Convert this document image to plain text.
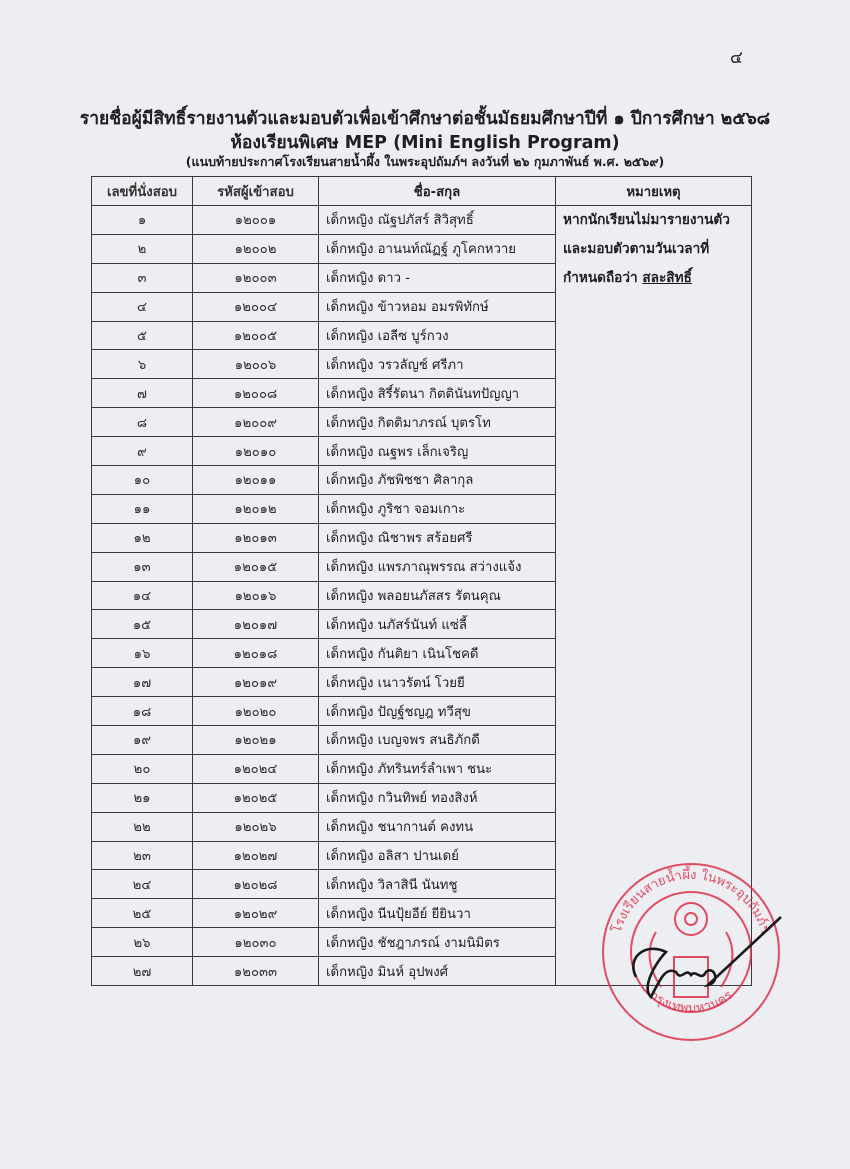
๔
รายชื่อผู้มีสิทธิ์รายงานตัวและมอบตัวเพื่อเข้าศึกษาต่อชั้นมัธยมศึกษาปีที่ ๑ ปีการศึกษา ๒๕๖๘
ห้องเรียนพิเศษ MEP (Mini English Program)
(แนบท้ายประกาศโรงเรียนสายน้ำผึ้ง ในพระอุปถัมภ์ฯ ลงวันที่ ๒๖ กุมภาพันธ์ พ.ศ. ๒๕๖๙)
เลขที่นั่งสอบ	รหัสผู้เข้าสอบ	ชื่อ-สกุล	หมายเหตุ
๑	๑๒๐๐๑	เด็กหญิง ณัฐปภัสร์ สิวิสุทธิ์	หากนักเรียนไม่มารายงานตัวและมอบตัวตามวันเวลาที่กำหนดถือว่า สละสิทธิ์

๒	๑๒๐๐๒	เด็กหญิง อานนท์ณัฏฐ์ ภูโคกหวาย	
๓	๑๒๐๐๓	เด็กหญิง ดาว -	
๔	๑๒๐๐๔	เด็กหญิง ข้าวหอม อมรพิทักษ์	
๕	๑๒๐๐๕	เด็กหญิง เอลีซ บูร์กวง	
๖	๑๒๐๐๖	เด็กหญิง วรวลัญช์ ศรีภา	
๗	๑๒๐๐๘	เด็กหญิง สิรี์รัตนา กิตตินันทปัญญา	
๘	๑๒๐๐๙	เด็กหญิง กิตติมาภรณ์ บุตรโท	
๙	๑๒๐๑๐	เด็กหญิง ณฐพร เล็กเจริญ	
๑๐	๑๒๐๑๑	เด็กหญิง ภัชพิชชา ศิลากุล	
๑๑	๑๒๐๑๒	เด็กหญิง ภูริชา จอมเกาะ	
๑๒	๑๒๐๑๓	เด็กหญิง ณิชาพร สร้อยศรี	
๑๓	๑๒๐๑๕	เด็กหญิง แพรภาณุพรรณ สว่างแจ้ง	
๑๔	๑๒๐๑๖	เด็กหญิง พลอยนภัสสร รัตนคุณ	
๑๕	๑๒๐๑๗	เด็กหญิง นภัสร์นันท์ แซ่ลี้	
๑๖	๑๒๐๑๘	เด็กหญิง กันติยา เนินโชคดี	
๑๗	๑๒๐๑๙	เด็กหญิง เนาวรัตน์ โวยยี	
๑๘	๑๒๐๒๐	เด็กหญิง ปัญฐ์ชญฎ ทวีสุข	
๑๙	๑๒๐๒๑	เด็กหญิง เบญจพร สนธิภักดี	
๒๐	๑๒๐๒๔	เด็กหญิง ภัทรินทร์ลำเพา ชนะ	
๒๑	๑๒๐๒๕	เด็กหญิง กวินทิพย์ ทองสิงห์	
๒๒	๑๒๐๒๖	เด็กหญิง ชนากานต์ คงทน	
๒๓	๑๒๐๒๗	เด็กหญิง อลิสา ปานเดย์	
๒๔	๑๒๐๒๘	เด็กหญิง วิลาสินี นันทชู	
๒๕	๑๒๐๒๙	เด็กหญิง นีนปุ้ยอีย์ ยียินวา	
๒๖	๑๒๐๓๐	เด็กหญิง ชัชฎาภรณ์ งามนิมิตร	
๒๗	๑๒๐๓๓	เด็กหญิง มินห์ อุปพงศ์	
โรงเรียนสายน้ำผึ้ง ในพระอุปถัมภ์ฯ
กรุงเทพมหานคร
